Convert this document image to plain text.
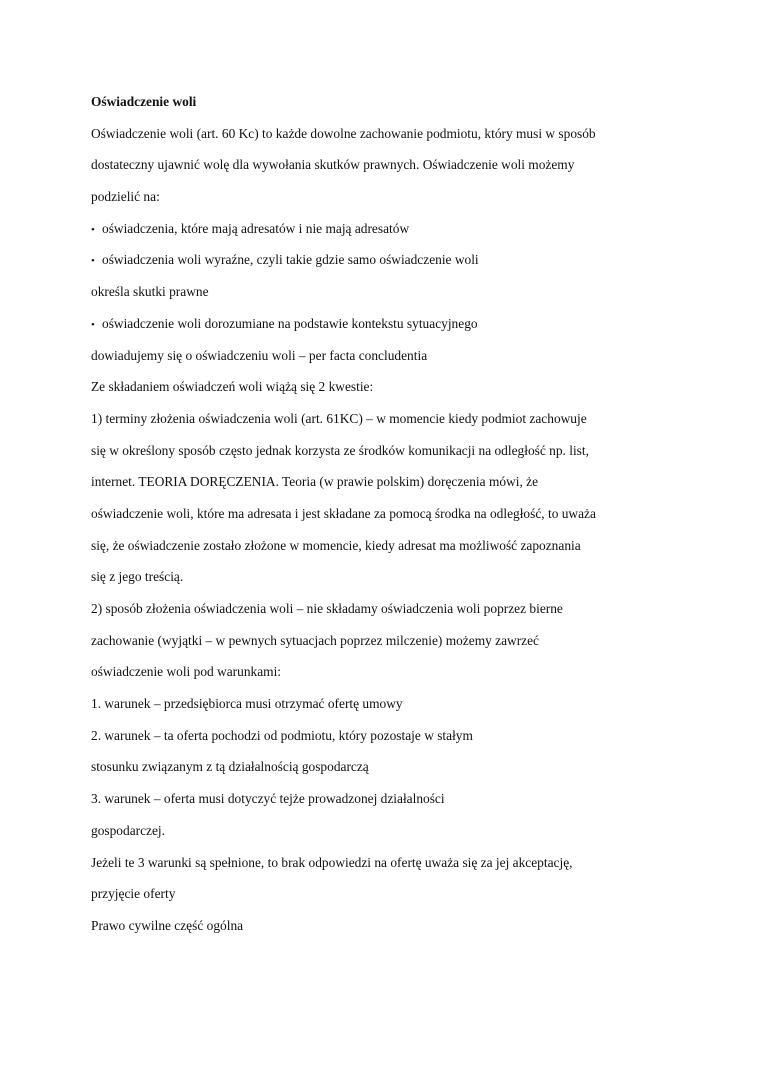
Oświadczenie woli
Oświadczenie woli (art. 60 Kc) to każde dowolne zachowanie podmiotu, który musi w sposób
dostateczny ujawnić wolę dla wywołania skutków prawnych. Oświadczenie woli możemy
podzielić na:
• oświadczenia, które mają adresatów i nie mają adresatów
• oświadczenia woli wyraźne, czyli takie gdzie samo oświadczenie woli
określa skutki prawne
• oświadczenie woli dorozumiane na podstawie kontekstu sytuacyjnego
dowiadujemy się o oświadczeniu woli – per facta concludentia
Ze składaniem oświadczeń woli wiążą się 2 kwestie:
1) terminy złożenia oświadczenia woli (art. 61KC) – w momencie kiedy podmiot zachowuje
się w określony sposób często jednak korzysta ze środków komunikacji na odległość np. list,
internet. TEORIA DORĘCZENIA. Teoria (w prawie polskim) doręczenia mówi, że
oświadczenie woli, które ma adresata i jest składane za pomocą środka na odległość, to uważa
się, że oświadczenie zostało złożone w momencie, kiedy adresat ma możliwość zapoznania
się z jego treścią.
2) sposób złożenia oświadczenia woli – nie składamy oświadczenia woli poprzez bierne
zachowanie (wyjątki – w pewnych sytuacjach poprzez milczenie) możemy zawrzeć
oświadczenie woli pod warunkami:
1. warunek – przedsiębiorca musi otrzymać ofertę umowy
2. warunek – ta oferta pochodzi od podmiotu, który pozostaje w stałym
stosunku związanym z tą działalnością gospodarczą
3. warunek – oferta musi dotyczyć tejże prowadzonej działalności
gospodarczej.
Jeżeli te 3 warunki są spełnione, to brak odpowiedzi na ofertę uważa się za jej akceptację,
przyjęcie oferty
Prawo cywilne część ogólna
